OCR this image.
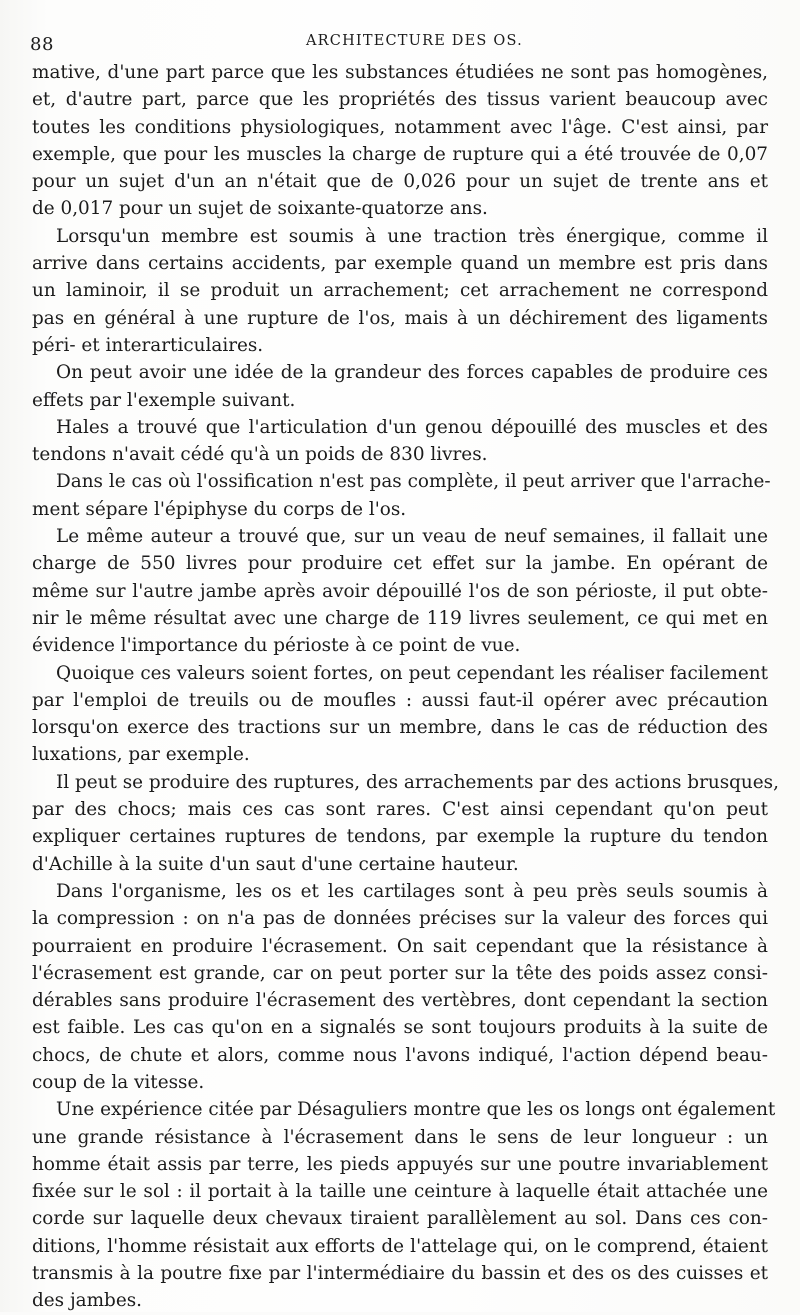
88	ARCHITECTURE DES OS.
mative, d'une part parce que les substances étudiées ne sont pas homogènes,
et, d'autre part, parce que les propriétés des tissus varient beaucoup avec
toutes les conditions physiologiques, notamment avec l'âge. C'est ainsi, par
exemple, que pour les muscles la charge de rupture qui a été trouvée de 0,07
pour un sujet d'un an n'était que de 0,026 pour un sujet de trente ans et
de 0,017 pour un sujet de soixante-quatorze ans.
Lorsqu'un membre est soumis à une traction très énergique, comme il
arrive dans certains accidents, par exemple quand un membre est pris dans
un laminoir, il se produit un arrachement; cet arrachement ne correspond
pas en général à une rupture de l'os, mais à un déchirement des ligaments
péri- et interarticulaires.
On peut avoir une idée de la grandeur des forces capables de produire ces
effets par l'exemple suivant.
Hales a trouvé que l'articulation d'un genou dépouillé des muscles et des
tendons n'avait cédé qu'à un poids de 830 livres.
Dans le cas où l'ossification n'est pas complète, il peut arriver que l'arrache-
ment sépare l'épiphyse du corps de l'os.
Le même auteur a trouvé que, sur un veau de neuf semaines, il fallait une
charge de 550 livres pour produire cet effet sur la jambe. En opérant de
même sur l'autre jambe après avoir dépouillé l'os de son périoste, il put obte-
nir le même résultat avec une charge de 119 livres seulement, ce qui met en
évidence l'importance du périoste à ce point de vue.
Quoique ces valeurs soient fortes, on peut cependant les réaliser facilement
par l'emploi de treuils ou de moufles : aussi faut-il opérer avec précaution
lorsqu'on exerce des tractions sur un membre, dans le cas de réduction des
luxations, par exemple.
Il peut se produire des ruptures, des arrachements par des actions brusques,
par des chocs; mais ces cas sont rares. C'est ainsi cependant qu'on peut
expliquer certaines ruptures de tendons, par exemple la rupture du tendon
d'Achille à la suite d'un saut d'une certaine hauteur.
Dans l'organisme, les os et les cartilages sont à peu près seuls soumis à
la compression : on n'a pas de données précises sur la valeur des forces qui
pourraient en produire l'écrasement. On sait cependant que la résistance à
l'écrasement est grande, car on peut porter sur la tête des poids assez consi-
dérables sans produire l'écrasement des vertèbres, dont cependant la section
est faible. Les cas qu'on en a signalés se sont toujours produits à la suite de
chocs, de chute et alors, comme nous l'avons indiqué, l'action dépend beau-
coup de la vitesse.
Une expérience citée par Désaguliers montre que les os longs ont également
une grande résistance à l'écrasement dans le sens de leur longueur : un
homme était assis par terre, les pieds appuyés sur une poutre invariablement
fixée sur le sol : il portait à la taille une ceinture à laquelle était attachée une
corde sur laquelle deux chevaux tiraient parallèlement au sol. Dans ces con-
ditions, l'homme résistait aux efforts de l'attelage qui, on le comprend, étaient
transmis à la poutre fixe par l'intermédiaire du bassin et des os des cuisses et
des jambes.
